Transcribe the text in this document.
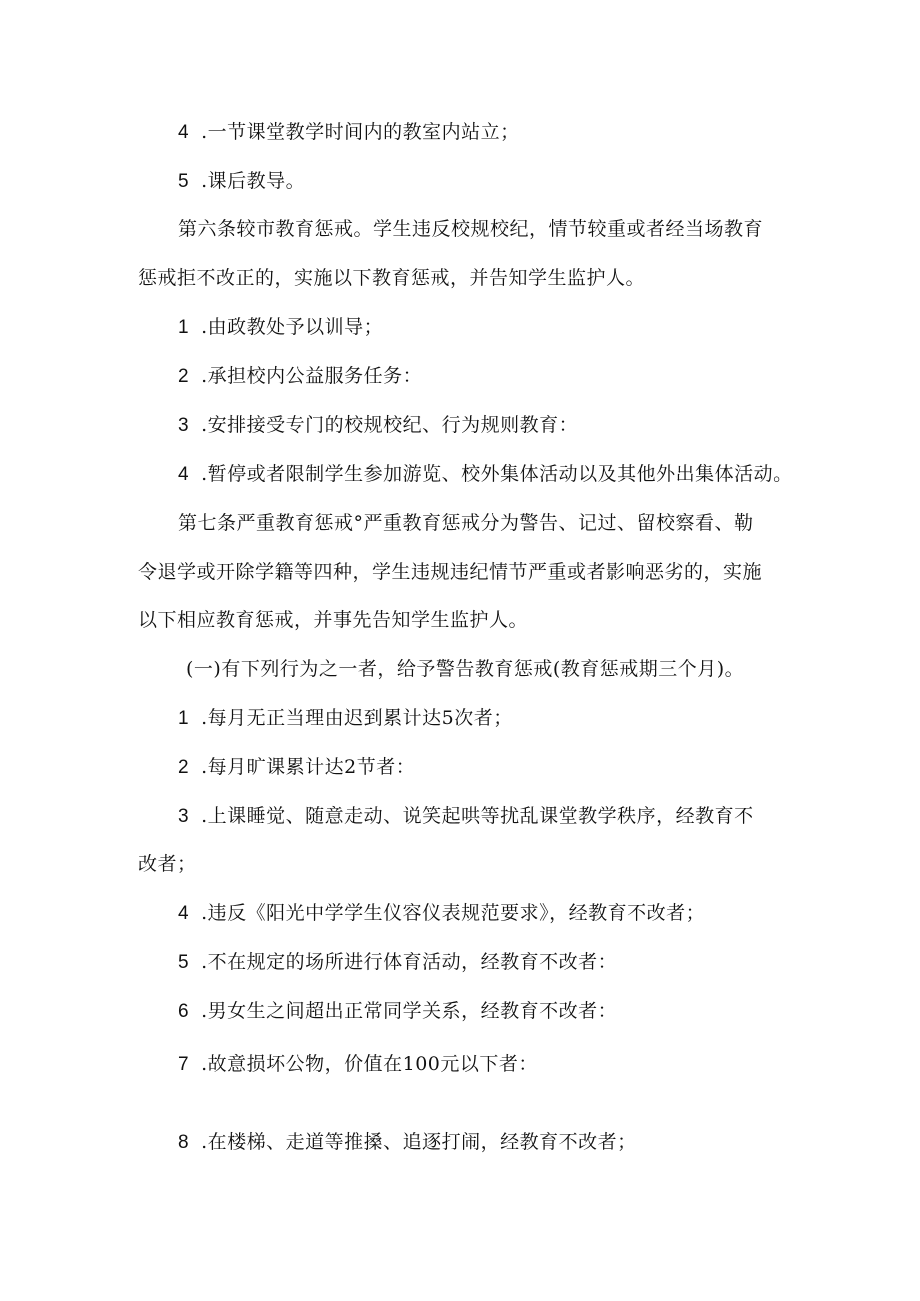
4 .一节课堂教学时间内的教室内站立；
5 .课后教导。
第六条较市教育惩戒。学生违反校规校纪，情节较重或者经当场教育
惩戒拒不改正的，实施以下教育惩戒，并告知学生监护人。
1 .由政教处予以训导；
2 .承担校内公益服务任务：
3 .安排接受专门的校规校纪、行为规则教育：
4 .暂停或者限制学生参加游览、校外集体活动以及其他外出集体活动。
第七条严重教育惩戒°严重教育惩戒分为警告、记过、留校察看、勒
令退学或开除学籍等四种，学生违规违纪情节严重或者影响恶劣的，实施
以下相应教育惩戒，并事先告知学生监护人。
(一)有下列行为之一者，给予警告教育惩戒(教育惩戒期三个月)。
1 .每月无正当理由迟到累计达5次者；
2 .每月旷课累计达2节者：
3 .上课睡觉、随意走动、说笑起哄等扰乱课堂教学秩序，经教育不
改者；
4 .违反《阳光中学学生仪容仪表规范要求》，经教育不改者；
5 .不在规定的场所进行体育活动，经教育不改者：
6 .男女生之间超出正常同学关系，经教育不改者：
7 .故意损坏公物，价值在100元以下者：
8 .在楼梯、走道等推搡、追逐打闹，经教育不改者；
